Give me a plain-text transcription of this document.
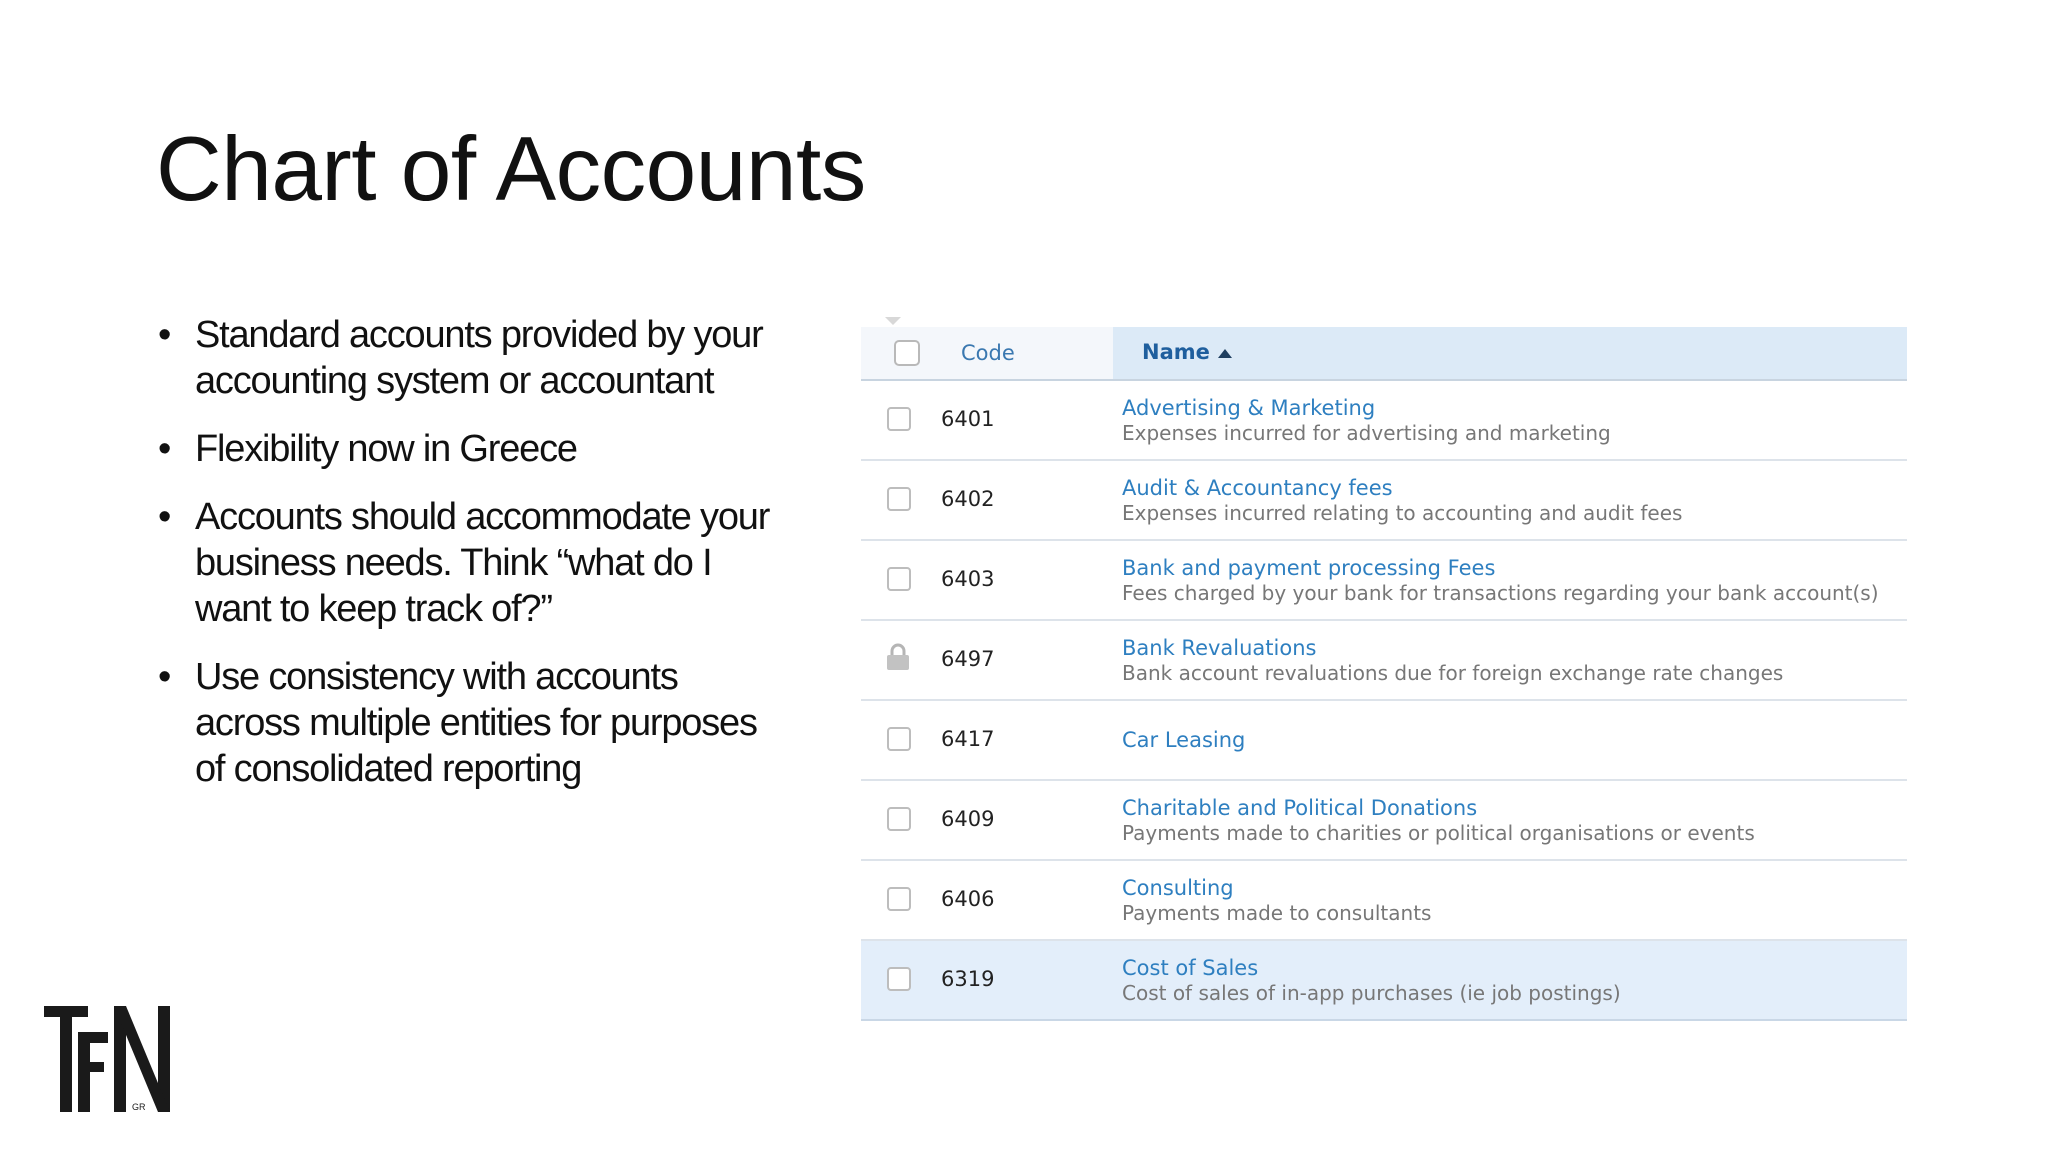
Chart of Accounts
• Standard accounts provided by your
accounting system or accountant
• Flexibility now in Greece
• Accounts should accommodate your
business needs. Think “what do I
want to keep track of?”
• Use consistency with accounts
across multiple entities for purposes
of consolidated reporting
Code	Name
6401	Advertising & Marketing
Expenses incurred for advertising and marketing
6402	Audit & Accountancy fees
Expenses incurred relating to accounting and audit fees
6403	Bank and payment processing Fees
Fees charged by your bank for transactions regarding your bank account(s)
6497	Bank Revaluations
Bank account revaluations due for foreign exchange rate changes
6417	Car Leasing
6409	Charitable and Political Donations
Payments made to charities or political organisations or events
6406	Consulting
Payments made to consultants
6319	Cost of Sales
Cost of sales of in-app purchases (ie job postings)
GR
